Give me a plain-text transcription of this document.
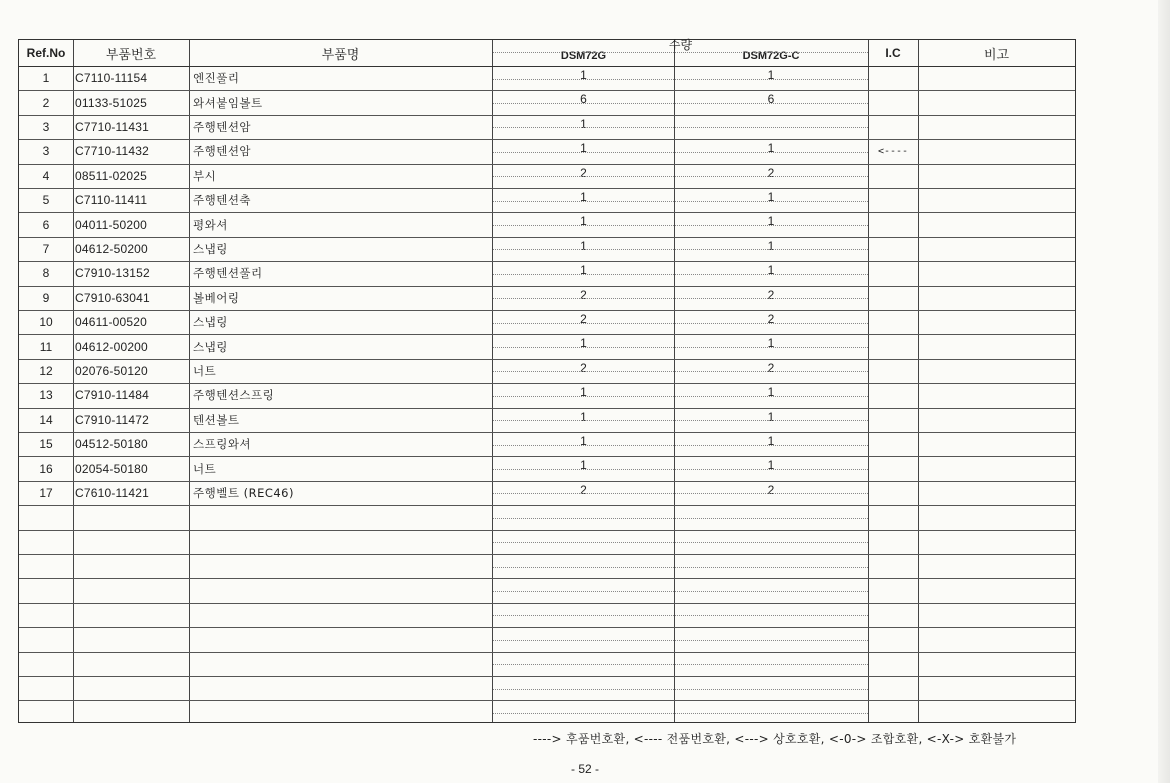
Ref.No	부품번호	부품명
수량
DSM72G	DSM72G-C	I.C	비고
1	C7110-11154	엔진풀리	1	1
2	01133-51025	와셔붙임볼트	6	6
3	C7710-11431	주행텐션암	1
3	C7710-11432	주행텐션암	1	1	<----
4	08511-02025	부시	2	2
5	C7110-11411	주행텐션축	1	1
6	04011-50200	평와셔	1	1
7	04612-50200	스냅링	1	1
8	C7910-13152	주행텐션풀리	1	1
9	C7910-63041	볼베어링	2	2
10	04611-00520	스냅링	2	2
11	04612-00200	스냅링	1	1
12	02076-50120	너트	2	2
13	C7910-11484	주행텐션스프링	1	1
14	C7910-11472	텐션볼트	1	1
15	04512-50180	스프링와셔	1	1
16	02054-50180	너트	1	1
17	C7610-11421	주행벨트 (REC46)	2	2
----> 후품번호환, <---- 전품번호환, <---> 상호호환, <-0-> 조합호환, <-X-> 호환불가
- 52 -
